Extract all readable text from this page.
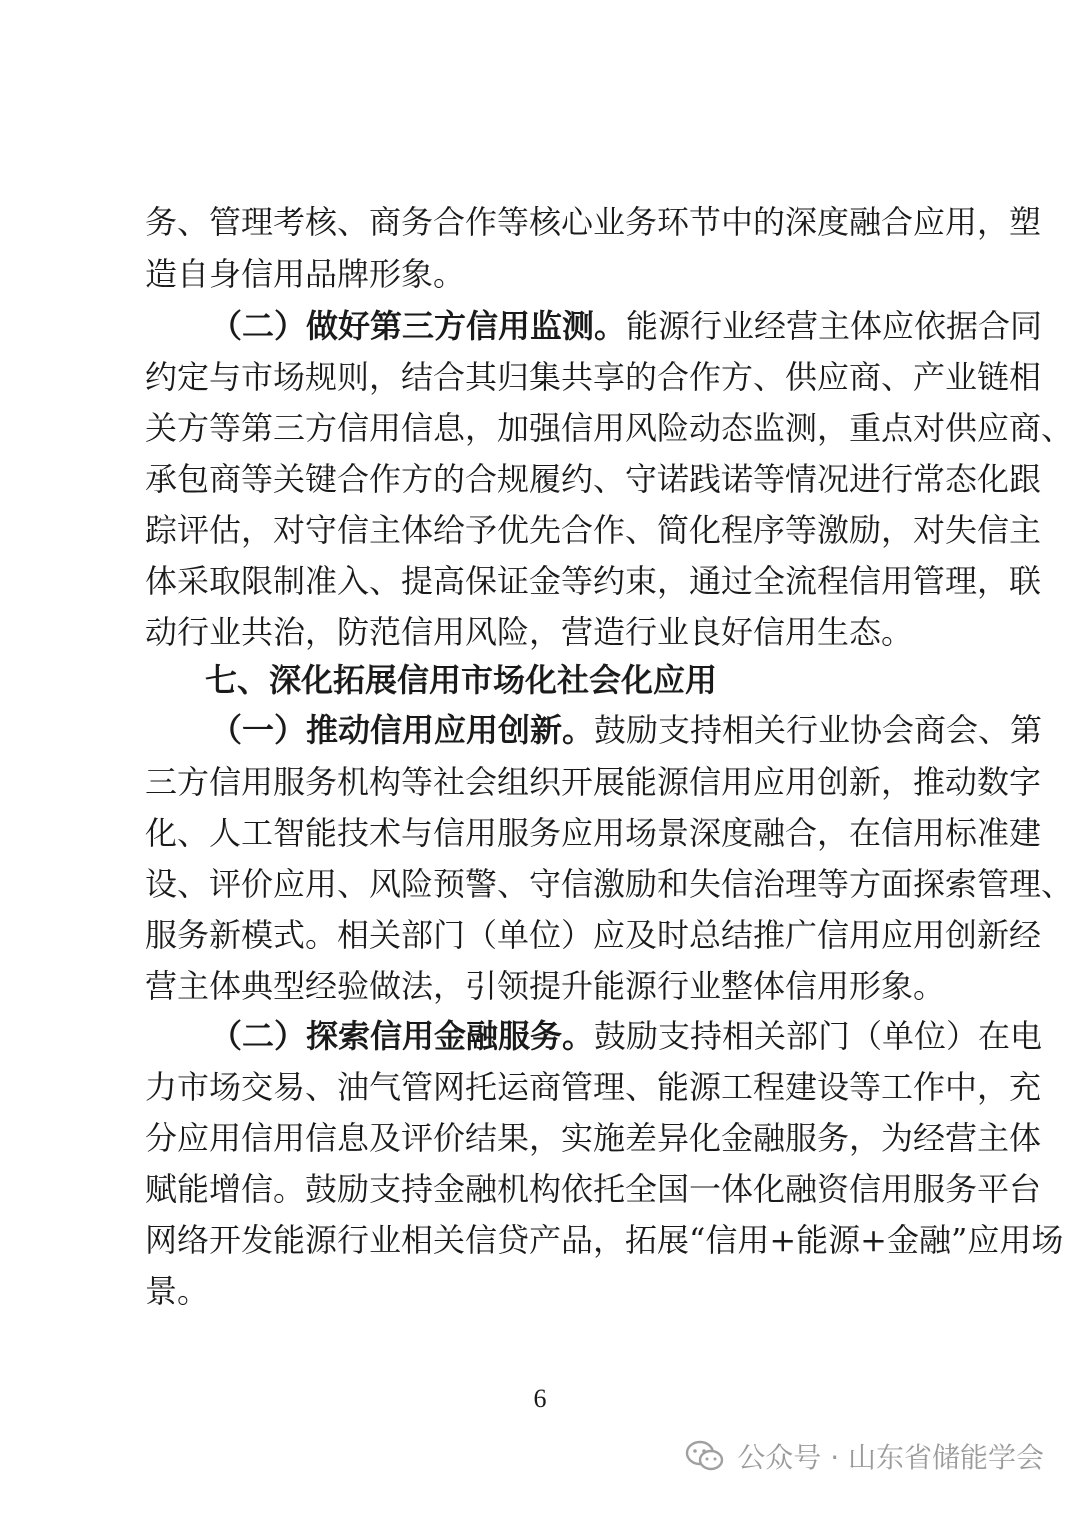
务、管理考核、商务合作等核心业务环节中的深度融合应用，塑
造自身信用品牌形象。
（二）做好第三方信用监测。能源行业经营主体应依据合同
约定与市场规则，结合其归集共享的合作方、供应商、产业链相
关方等第三方信用信息，加强信用风险动态监测，重点对供应商、
承包商等关键合作方的合规履约、守诺践诺等情况进行常态化跟
踪评估，对守信主体给予优先合作、简化程序等激励，对失信主
体采取限制准入、提高保证金等约束，通过全流程信用管理，联
动行业共治，防范信用风险，营造行业良好信用生态。
七、深化拓展信用市场化社会化应用
（一）推动信用应用创新。鼓励支持相关行业协会商会、第
三方信用服务机构等社会组织开展能源信用应用创新，推动数字
化、人工智能技术与信用服务应用场景深度融合，在信用标准建
设、评价应用、风险预警、守信激励和失信治理等方面探索管理、
服务新模式。相关部门（单位）应及时总结推广信用应用创新经
营主体典型经验做法，引领提升能源行业整体信用形象。
（二）探索信用金融服务。鼓励支持相关部门（单位）在电
力市场交易、油气管网托运商管理、能源工程建设等工作中，充
分应用信用信息及评价结果，实施差异化金融服务，为经营主体
赋能增信。鼓励支持金融机构依托全国一体化融资信用服务平台
网络开发能源行业相关信贷产品，拓展“信用+能源+金融”应用场
景。
6
公众号 · 山东省储能学会
